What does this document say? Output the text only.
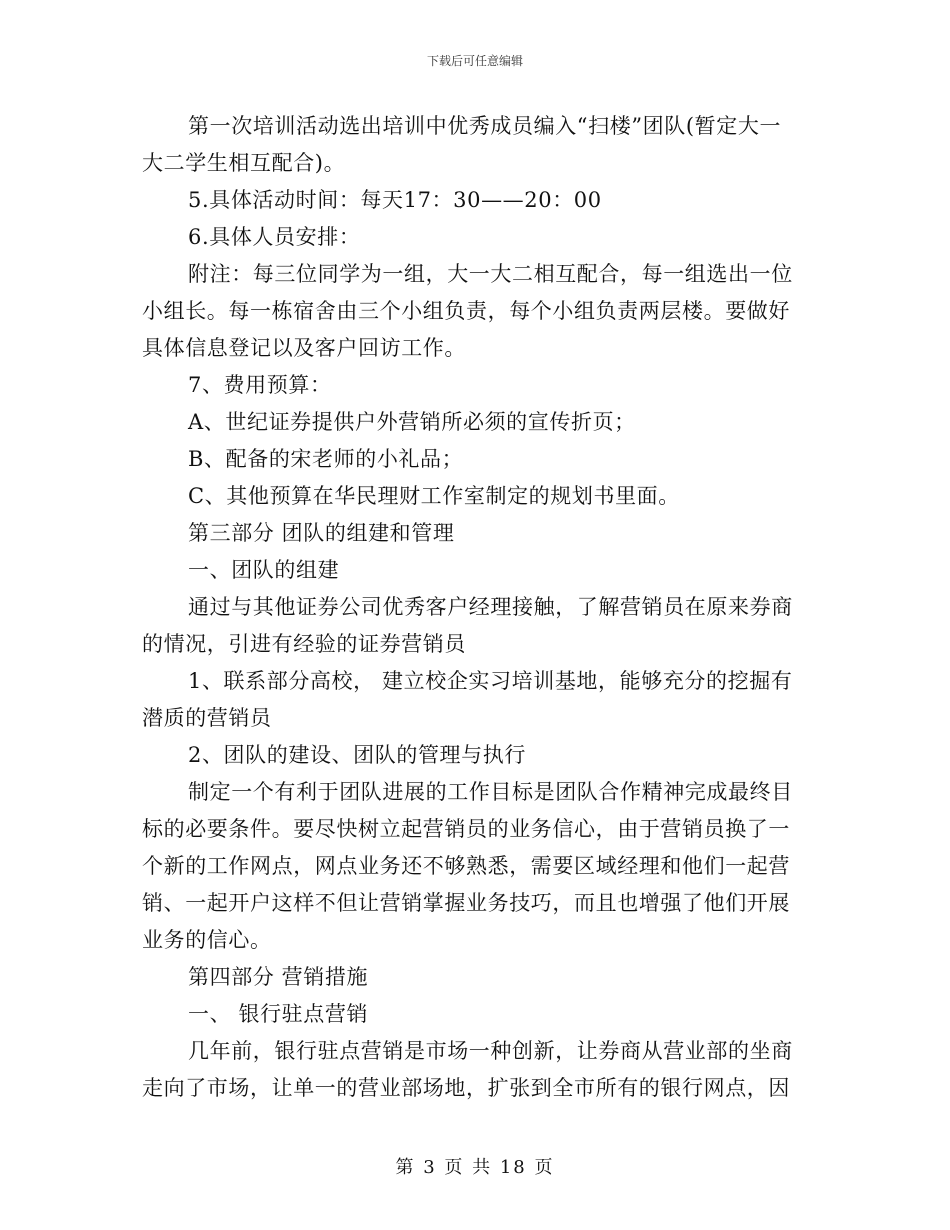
下载后可任意编辑
第一次培训活动选出培训中优秀成员编入“扫楼”团队(暂定大一
大二学生相互配合)。
5.具体活动时间：每天17：30——20：00
6.具体人员安排：
附注：每三位同学为一组，大一大二相互配合，每一组选出一位
小组长。每一栋宿舍由三个小组负责，每个小组负责两层楼。要做好
具体信息登记以及客户回访工作。
7、费用预算：
A、世纪证券提供户外营销所必须的宣传折页；
B、配备的宋老师的小礼品；
C、其他预算在华民理财工作室制定的规划书里面。
第三部分 团队的组建和管理
一、团队的组建
通过与其他证券公司优秀客户经理接触，了解营销员在原来券商
的情况，引进有经验的证券营销员
1、联系部分高校， 建立校企实习培训基地，能够充分的挖掘有
潜质的营销员
2、团队的建设、团队的管理与执行
制定一个有利于团队进展的工作目标是团队合作精神完成最终目
标的必要条件。要尽快树立起营销员的业务信心，由于营销员换了一
个新的工作网点，网点业务还不够熟悉，需要区域经理和他们一起营
销、一起开户这样不但让营销掌握业务技巧，而且也增强了他们开展
业务的信心。
第四部分 营销措施
一、 银行驻点营销
几年前，银行驻点营销是市场一种创新，让券商从营业部的坐商
走向了市场，让单一的营业部场地，扩张到全市所有的银行网点，因
第 3 页 共 18 页
